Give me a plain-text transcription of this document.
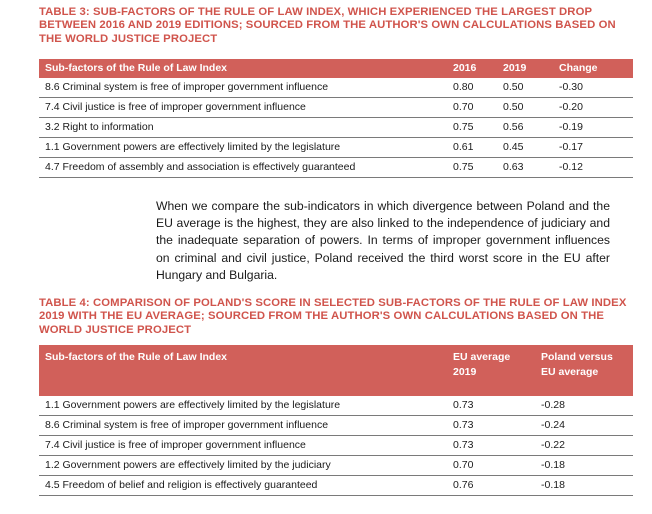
TABLE 3: SUB-FACTORS OF THE RULE OF LAW INDEX, WHICH EXPERIENCED THE LARGEST DROP BETWEEN 2016 AND 2019 EDITIONS; SOURCED FROM THE AUTHOR'S OWN CALCULATIONS BASED ON THE WORLD JUSTICE PROJECT

Sub-factors of the Rule of Law Index	2016	2019	Change
8.6 Criminal system is free of improper government influence	0.80	0.50	-0.30
7.4 Civil justice is free of improper government influence	0.70	0.50	-0.20
3.2 Right to information	0.75	0.56	-0.19
1.1 Government powers are effectively limited by the legislature	0.61	0.45	-0.17
4.7 Freedom of assembly and association is effectively guaranteed	0.75	0.63	-0.12

When we compare the sub-indicators in which divergence between Poland and the EU average is the highest, they are also linked to the independence of judiciary and the inadequate separation of powers. In terms of improper government influences on criminal and civil justice, Poland received the third worst score in the EU after Hungary and Bulgaria.

TABLE 4: COMPARISON OF POLAND'S SCORE IN SELECTED SUB-FACTORS OF THE RULE OF LAW INDEX 2019 WITH THE EU AVERAGE; SOURCED FROM THE AUTHOR'S OWN CALCULATIONS BASED ON THE WORLD JUSTICE PROJECT

Sub-factors of the Rule of Law Index	EU average 2019	Poland versus EU average
1.1 Government powers are effectively limited by the legislature	0.73	-0.28
8.6 Criminal system is free of improper government influence	0.73	-0.24
7.4 Civil justice is free of improper government influence	0.73	-0.22
1.2 Government powers are effectively limited by the judiciary	0.70	-0.18
4.5 Freedom of belief and religion is effectively guaranteed	0.76	-0.18
